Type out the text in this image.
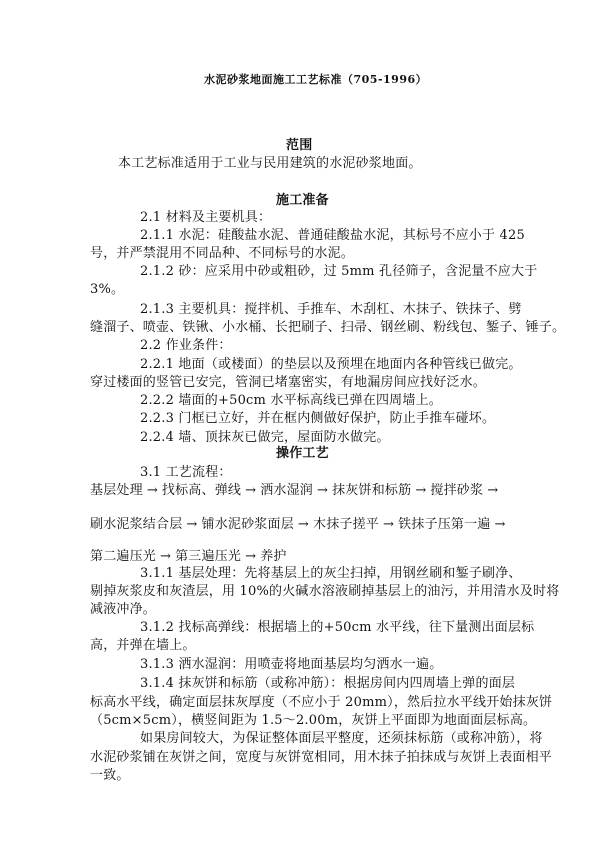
水泥砂浆地面施工工艺标准（705-1996）
范围
本工艺标准适用于工业与民用建筑的水泥砂浆地面。
施工准备
2.1 材料及主要机具：
2.1.1 水泥：硅酸盐水泥、普通硅酸盐水泥，其标号不应小于 425
号，并严禁混用不同品种、不同标号的水泥。
2.1.2 砂：应采用中砂或粗砂，过 5mm 孔径筛子，含泥量不应大于
3%。
2.1.3 主要机具：搅拌机、手推车、木刮杠、木抹子、铁抹子、劈
缝溜子、喷壶、铁锹、小水桶、长把刷子、扫帚、钢丝刷、粉线包、錾子、锤子。
2.2 作业条件：
2.2.1 地面（或楼面）的垫层以及预埋在地面内各种管线已做完。
穿过楼面的竖管已安完，管洞已堵塞密实，有地漏房间应找好泛水。
2.2.2 墙面的+50cm 水平标高线已弹在四周墙上。
2.2.3 门框已立好，并在框内侧做好保护，防止手推车碰坏。
2.2.4 墙、顶抹灰已做完，屋面防水做完。
操作工艺
3.1 工艺流程：
基层处理 → 找标高、弹线 → 洒水湿润 → 抹灰饼和标筋 → 搅拌砂浆 →
刷水泥浆结合层 → 铺水泥砂浆面层 → 木抹子搓平 → 铁抹子压第一遍 →
第二遍压光 → 第三遍压光 → 养护
3.1.1 基层处理：先将基层上的灰尘扫掉，用钢丝刷和錾子刷净、
剔掉灰浆皮和灰渣层，用 10%的火碱水溶液刷掉基层上的油污，并用清水及时将
减液冲净。
3.1.2 找标高弹线：根据墙上的+50cm 水平线，往下量测出面层标
高，并弹在墙上。
3.1.3 洒水湿润：用喷壶将地面基层均匀洒水一遍。
3.1.4 抹灰饼和标筋（或称冲筋）：根据房间内四周墙上弹的面层
标高水平线，确定面层抹灰厚度（不应小于 20mm），然后拉水平线开始抹灰饼
（5cm×5cm），横竖间距为 1.5～2.00m，灰饼上平面即为地面面层标高。
如果房间较大，为保证整体面层平整度，还须抹标筋（或称冲筋），将
水泥砂浆铺在灰饼之间，宽度与灰饼宽相同，用木抹子拍抹成与灰饼上表面相平
一致。
